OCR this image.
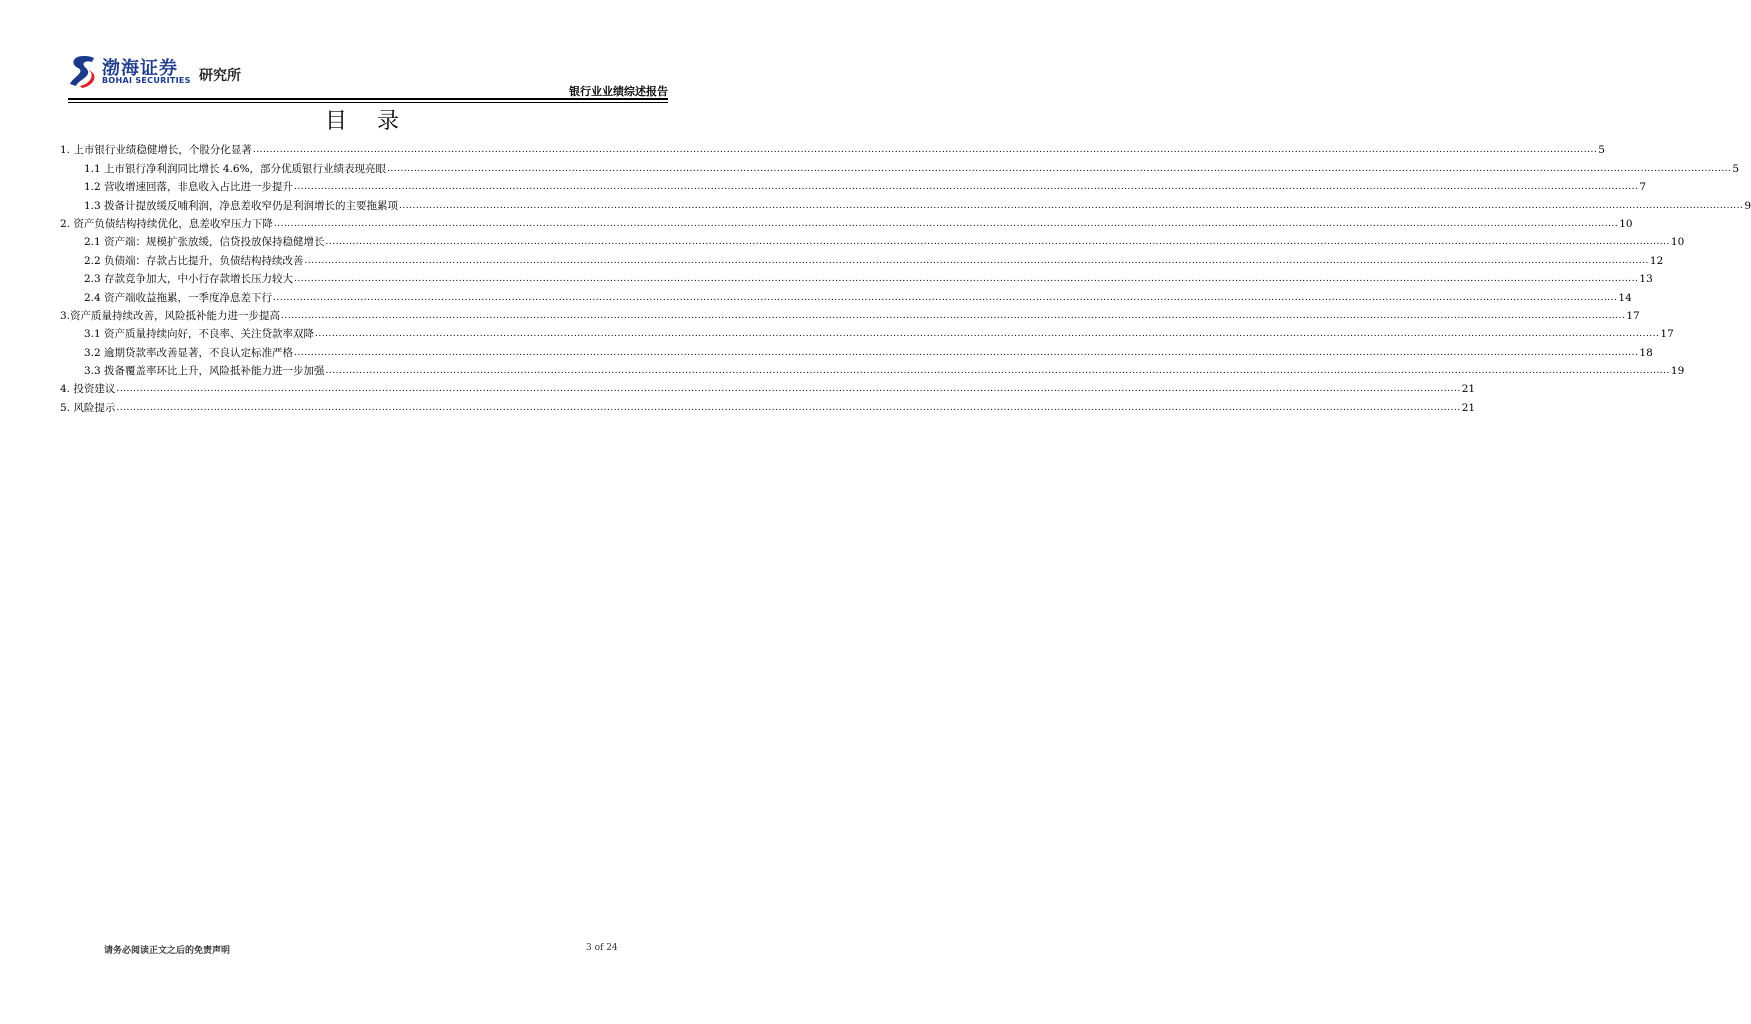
渤海证券
BOHAI SECURITIES 研究所
银行业业绩综述报告
目录
1. 上市银行业绩稳健增长，个股分化显著 ................................................................................................................................................................................................................................................................................................................................................................................................................ 5
1.1 上市银行净利润同比增长 4.6%，部分优质银行业绩表现亮眼 ................................................................................................................................................................................................................................................................................................................................................................................................................ 5
1.2 营收增速回落，非息收入占比进一步提升 ................................................................................................................................................................................................................................................................................................................................................................................................................ 7
1.3 拨备计提放缓反哺利润，净息差收窄仍是利润增长的主要拖累项 ................................................................................................................................................................................................................................................................................................................................................................................................................ 9
2. 资产负债结构持续优化，息差收窄压力下降 ................................................................................................................................................................................................................................................................................................................................................................................................................ 10
2.1 资产端：规模扩张放缓，信贷投放保持稳健增长 ................................................................................................................................................................................................................................................................................................................................................................................................................ 10
2.2 负债端：存款占比提升，负债结构持续改善 ................................................................................................................................................................................................................................................................................................................................................................................................................ 12
2.3 存款竞争加大，中小行存款增长压力较大 ................................................................................................................................................................................................................................................................................................................................................................................................................ 13
2.4 资产端收益拖累，一季度净息差下行 ................................................................................................................................................................................................................................................................................................................................................................................................................ 14
3.资产质量持续改善，风险抵补能力进一步提高 ................................................................................................................................................................................................................................................................................................................................................................................................................ 17
3.1 资产质量持续向好，不良率、关注贷款率双降 ................................................................................................................................................................................................................................................................................................................................................................................................................ 17
3.2 逾期贷款率改善显著，不良认定标准严格 ................................................................................................................................................................................................................................................................................................................................................................................................................ 18
3.3 拨备覆盖率环比上升，风险抵补能力进一步加强 ................................................................................................................................................................................................................................................................................................................................................................................................................ 19
4. 投资建议 ................................................................................................................................................................................................................................................................................................................................................................................................................ 21
5. 风险提示 ................................................................................................................................................................................................................................................................................................................................................................................................................ 21
请务必阅读正文之后的免责声明	3 of 24
